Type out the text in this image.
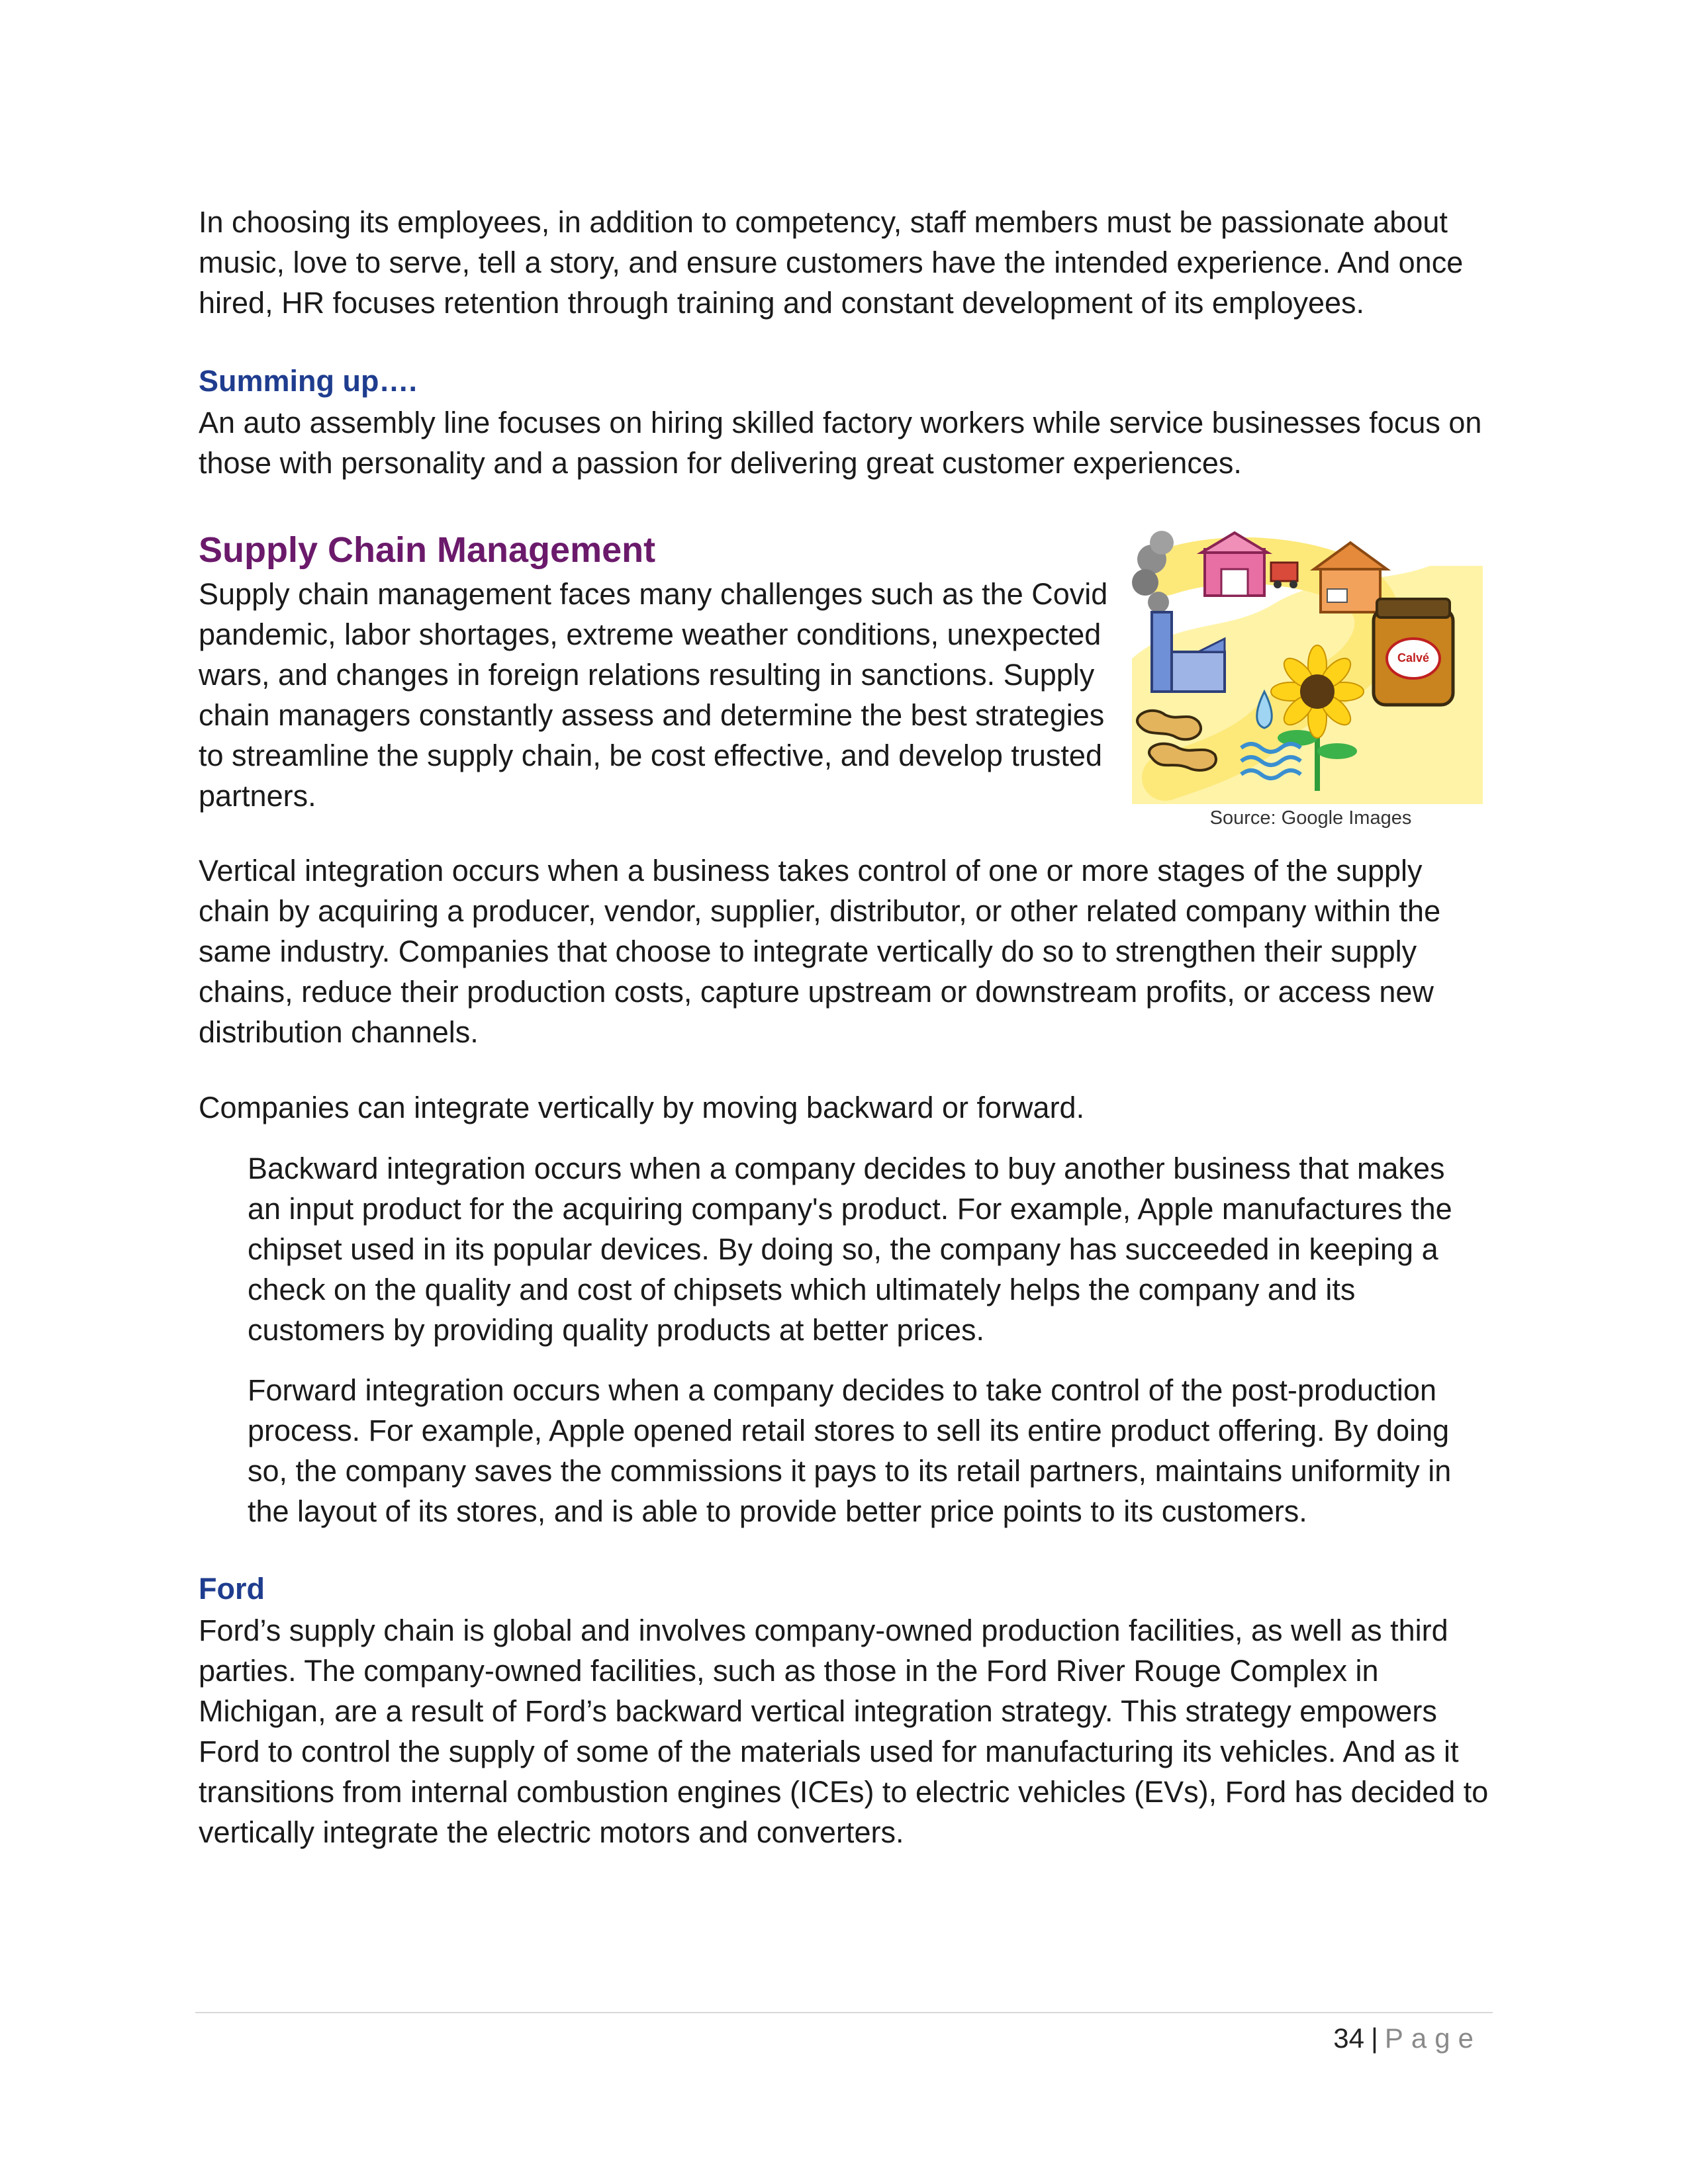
In choosing its employees, in addition to competency, staff members must be passionate about music, love to serve, tell a story, and ensure customers have the intended experience. And once hired, HR focuses retention through training and constant development of its employees.

Summing up….

An auto assembly line focuses on hiring skilled factory workers while service businesses focus on those with personality and a passion for delivering great customer experiences.

Supply Chain Management

Supply chain management faces many challenges such as the Covid pandemic, labor shortages, extreme weather conditions, unexpected wars, and changes in foreign relations resulting in sanctions. Supply chain managers constantly assess and determine the best strategies to streamline the supply chain, be cost effective, and develop trusted partners.

Calvé
Source: Google Images

Vertical integration occurs when a business takes control of one or more stages of the supply chain by acquiring a producer, vendor, supplier, distributor, or other related company within the same industry. Companies that choose to integrate vertically do so to strengthen their supply chains, reduce their production costs, capture upstream or downstream profits, or access new distribution channels.

Companies can integrate vertically by moving backward or forward.

Backward integration occurs when a company decides to buy another business that makes an input product for the acquiring company's product. For example, Apple manufactures the chipset used in its popular devices. By doing so, the company has succeeded in keeping a check on the quality and cost of chipsets which ultimately helps the company and its customers by providing quality products at better prices.

Forward integration occurs when a company decides to take control of the post-production process. For example, Apple opened retail stores to sell its entire product offering. By doing so, the company saves the commissions it pays to its retail partners, maintains uniformity in the layout of its stores, and is able to provide better price points to its customers.

Ford

Ford’s supply chain is global and involves company-owned production facilities, as well as third parties. The company-owned facilities, such as those in the Ford River Rouge Complex in Michigan, are a result of Ford’s backward vertical integration strategy. This strategy empowers Ford to control the supply of some of the materials used for manufacturing its vehicles. And as it transitions from internal combustion engines (ICEs) to electric vehicles (EVs), Ford has decided to vertically integrate the electric motors and converters.

34 | Page
